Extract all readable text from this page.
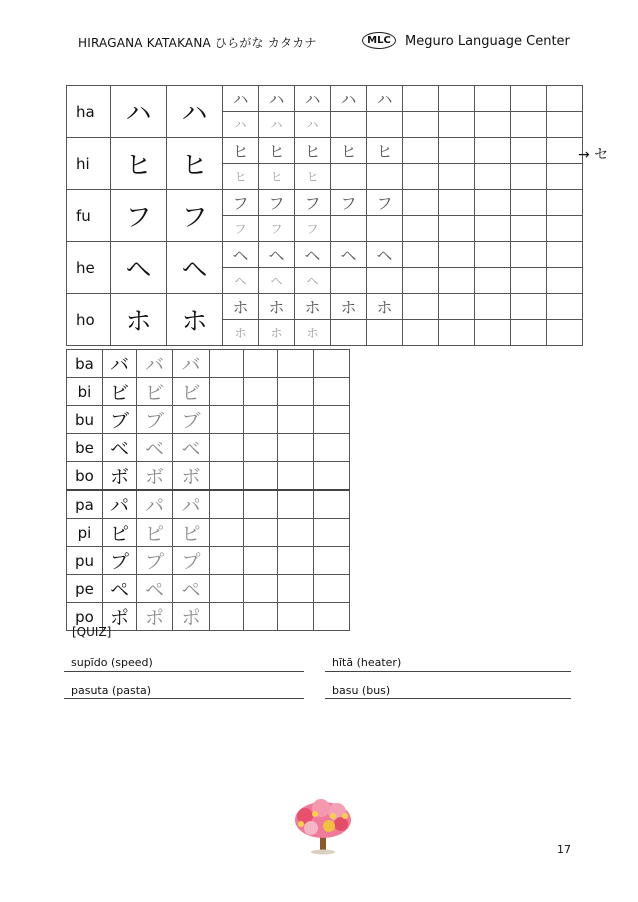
HIRAGANA KATAKANA ひらがな カタカナ	MLC	Meguro Language Center
ha	ハ	ハ	ハ	ハ	ハ	ハ	ハ					
			ハ	ハ	ハ							
hi	ヒ	ヒ	ヒ	ヒ	ヒ	ヒ	ヒ					
			ヒ	ヒ	ヒ							
fu	フ	フ	フ	フ	フ	フ	フ					
			フ	フ	フ							
he	ヘ	ヘ	ヘ	ヘ	ヘ	ヘ	ヘ					
			ヘ	ヘ	ヘ							
ho	ホ	ホ	ホ	ホ	ホ	ホ	ホ					
			ホ	ホ	ホ							
→ セ
ba	バ	バ	バ				
bi	ビ	ビ	ビ				
bu	ブ	ブ	ブ				
be	ベ	ベ	ベ				
bo	ボ	ボ	ボ				
pa	パ	パ	パ				
pi	ピ	ピ	ピ				
pu	プ	プ	プ				
pe	ペ	ペ	ペ				
po	ポ	ポ	ポ				
[QUIZ]
supīdo (speed)	hītā (heater)
pasuta (pasta)	basu (bus)
17
